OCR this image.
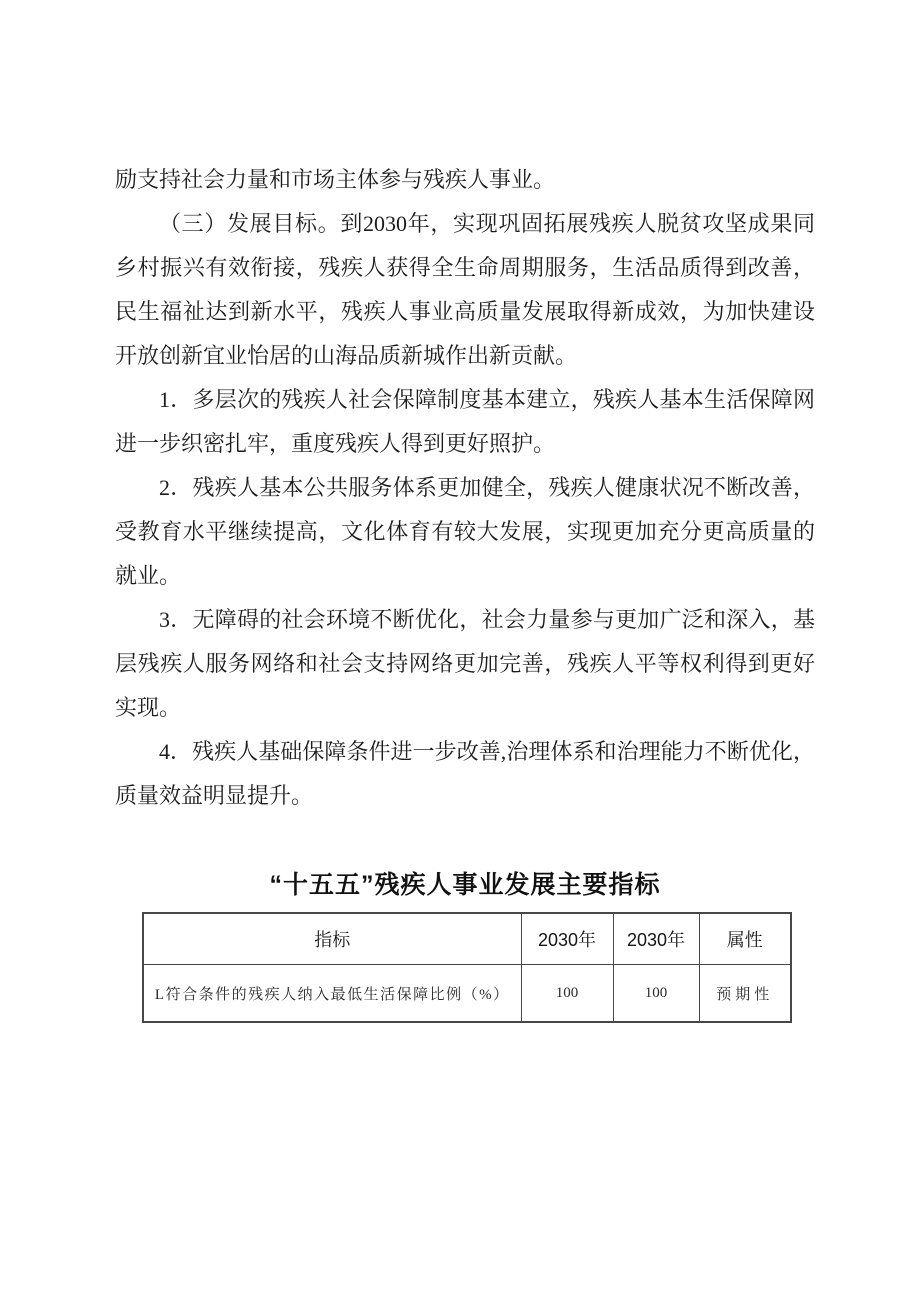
励支持社会力量和市场主体参与残疾人事业。

（三）发展目标。到2030年，实现巩固拓展残疾人脱贫攻坚成果同乡村振兴有效衔接，残疾人获得全生命周期服务，生活品质得到改善，民生福祉达到新水平，残疾人事业高质量发展取得新成效，为加快建设开放创新宜业怡居的山海品质新城作出新贡献。

1．多层次的残疾人社会保障制度基本建立，残疾人基本生活保障网进一步织密扎牢，重度残疾人得到更好照护。

2．残疾人基本公共服务体系更加健全，残疾人健康状况不断改善，受教育水平继续提高，文化体育有较大发展，实现更加充分更高质量的就业。

3．无障碍的社会环境不断优化，社会力量参与更加广泛和深入，基层残疾人服务网络和社会支持网络更加完善，残疾人平等权利得到更好实现。

4．残疾人基础保障条件进一步改善,治理体系和治理能力不断优化，质量效益明显提升。

“十五五”残疾人事业发展主要指标
指标	2030年	2030年	属性
L符合条件的残疾人纳入最低生活保障比例（%）	100	100	预期性
